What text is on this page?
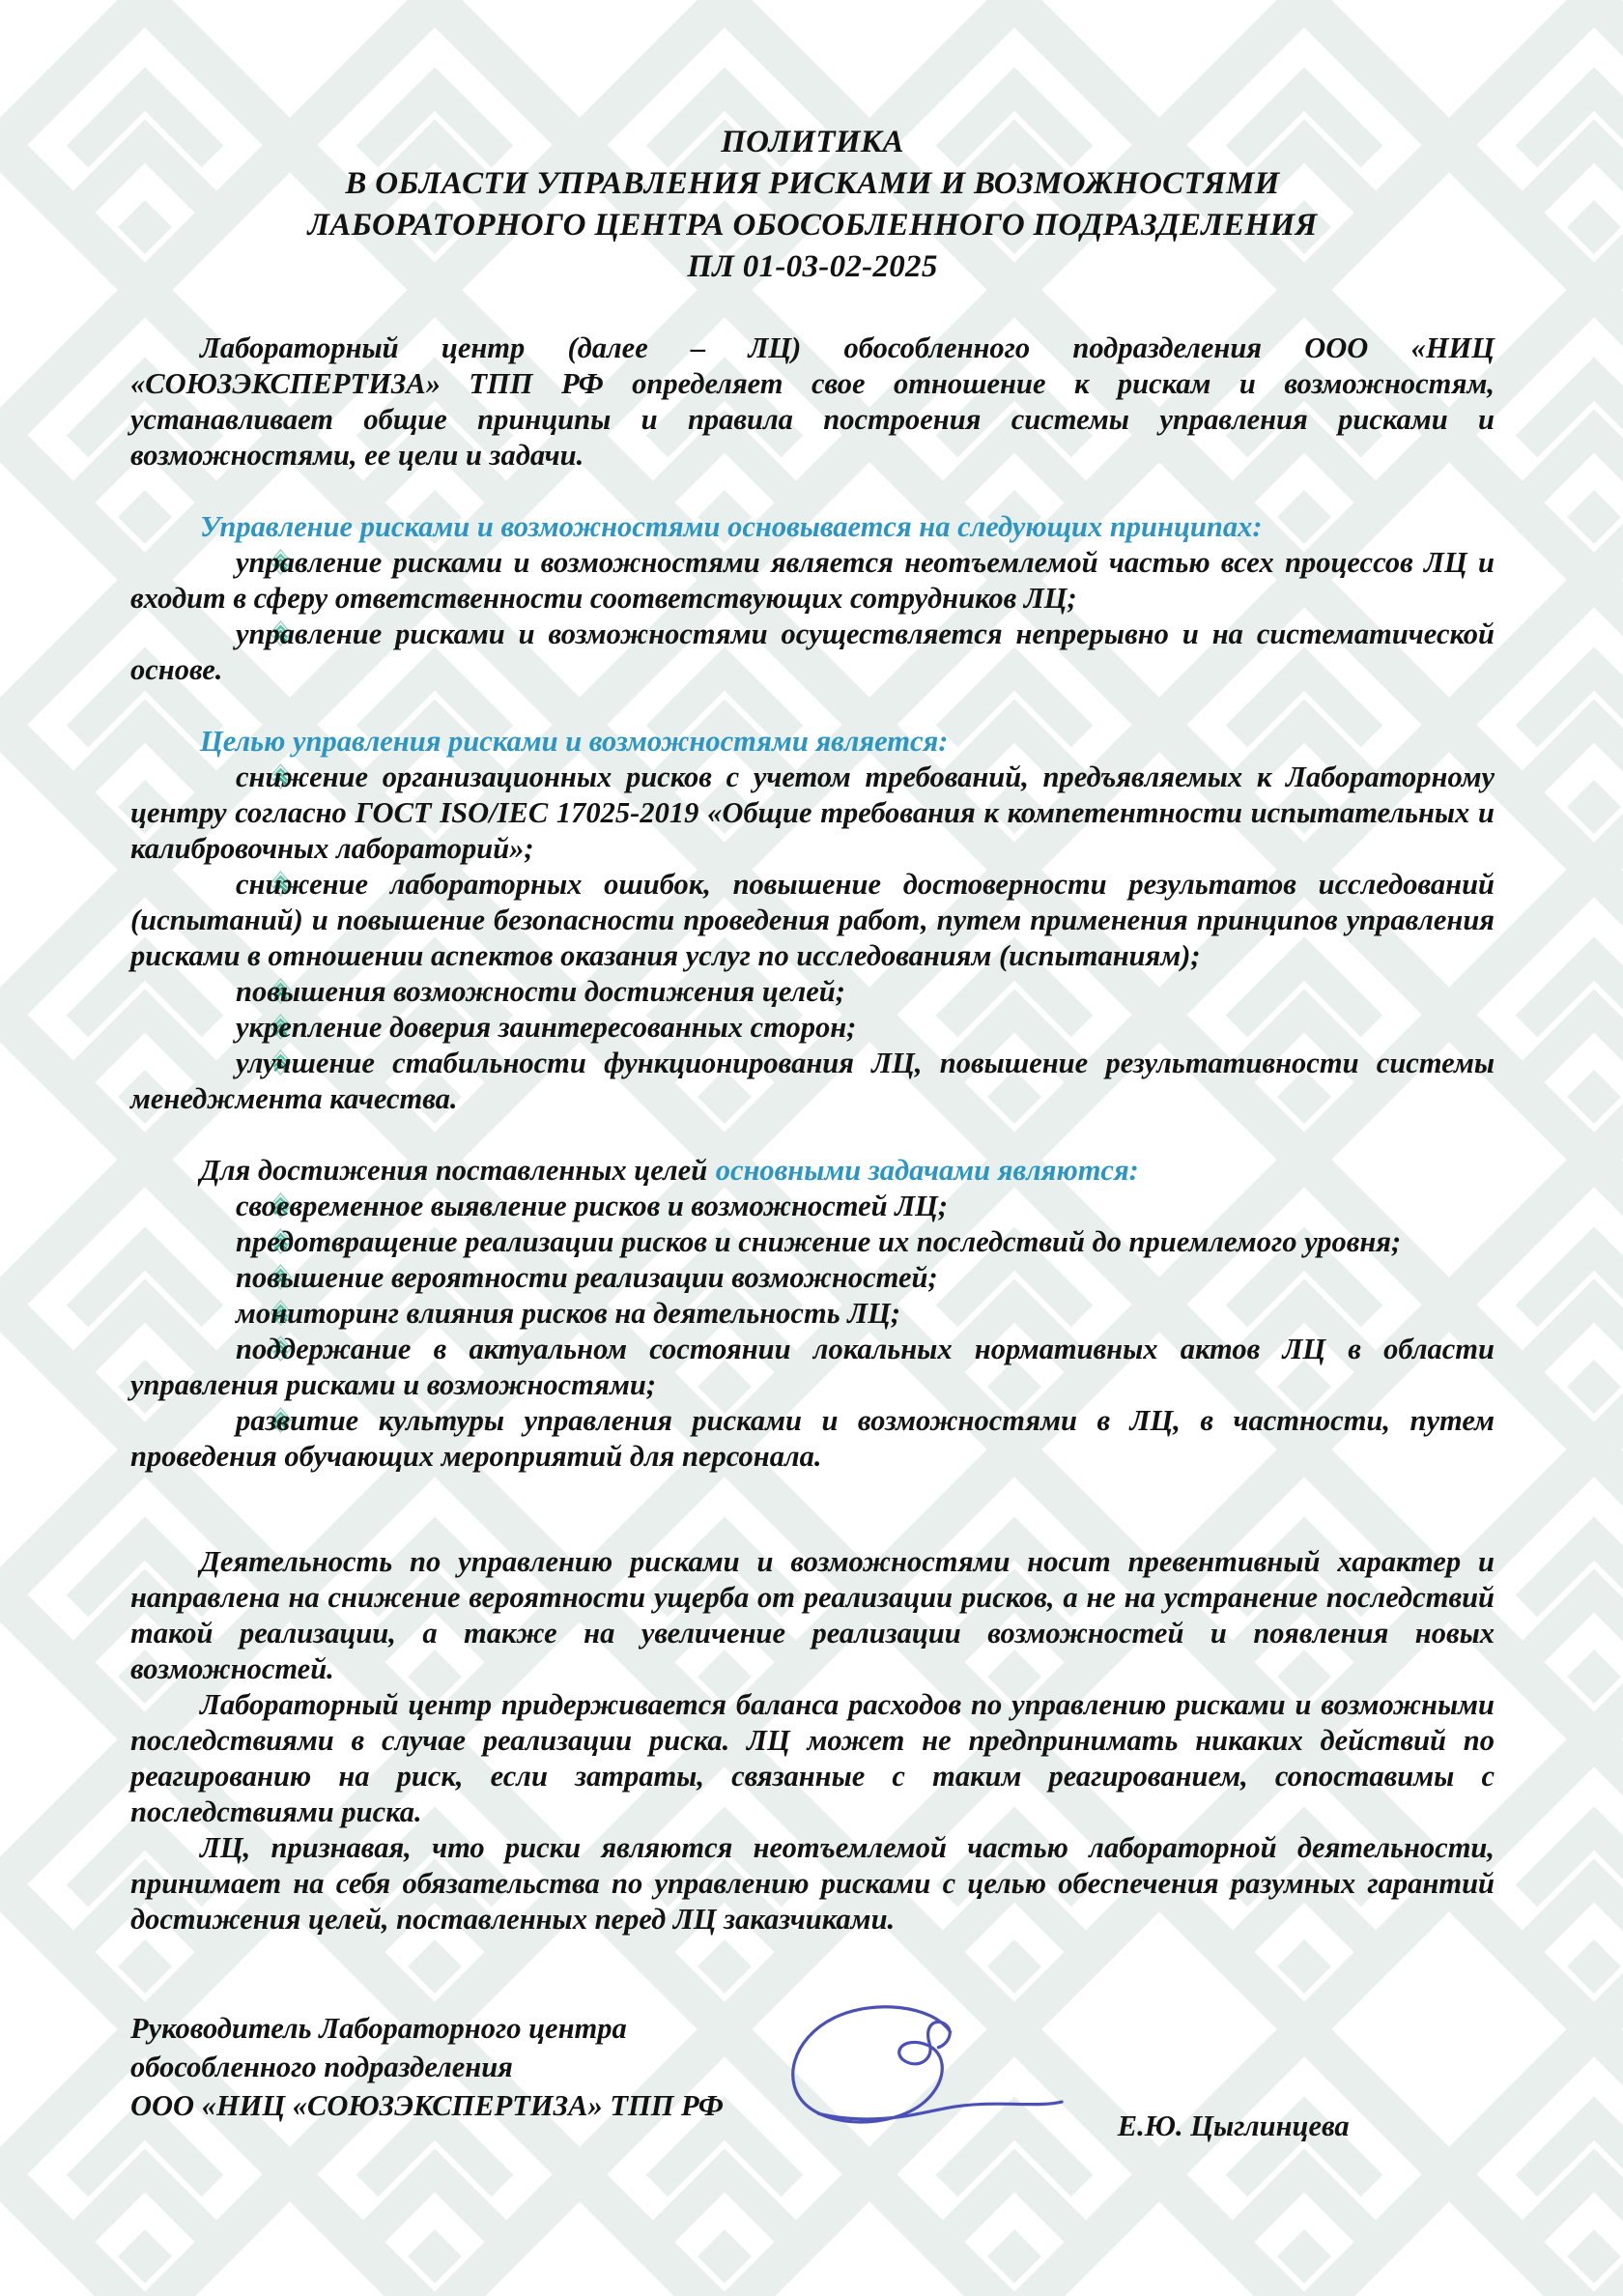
ПОЛИТИКА
В ОБЛАСТИ УПРАВЛЕНИЯ РИСКАМИ И ВОЗМОЖНОСТЯМИ
ЛАБОРАТОРНОГО ЦЕНТРА ОБОСОБЛЕННОГО ПОДРАЗДЕЛЕНИЯ
ПЛ 01-03-02-2025

Лабораторный центр (далее – ЛЦ) обособленного подразделения ООО «НИЦ «СОЮЗЭКСПЕРТИЗА» ТПП РФ определяет свое отношение к рискам и возможностям, устанавливает общие принципы и правила построения системы управления рисками и возможностями, ее цели и задачи.

Управление рисками и возможностями основывается на следующих принципах:

управление рисками и возможностями является неотъемлемой частью всех процессов ЛЦ и входит в сферу ответственности соответствующих сотрудников ЛЦ;

управление рисками и возможностями осуществляется непрерывно и на систематической основе.

Целью управления рисками и возможностями является:

снижение организационных рисков с учетом требований, предъявляемых к Лабораторному центру согласно ГОСТ ISO/IEC 17025-2019 «Общие требования к компетентности испытательных и калибровочных лабораторий»;

снижение лабораторных ошибок, повышение достоверности результатов исследований (испытаний) и повышение безопасности проведения работ, путем применения принципов управления рисками в отношении аспектов оказания услуг по исследованиям (испытаниям);

повышения возможности достижения целей;

укрепление доверия заинтересованных сторон;

улучшение стабильности функционирования ЛЦ, повышение результативности системы менеджмента качества.

Для достижения поставленных целей основными задачами являются:

своевременное выявление рисков и возможностей ЛЦ;

предотвращение реализации рисков и снижение их последствий до приемлемого уровня;

повышение вероятности реализации возможностей;

мониторинг влияния рисков на деятельность ЛЦ;

поддержание в актуальном состоянии локальных нормативных актов ЛЦ в области управления рисками и возможностями;

развитие культуры управления рисками и возможностями в ЛЦ, в частности, путем проведения обучающих мероприятий для персонала.

Деятельность по управлению рисками и возможностями носит превентивный характер и направлена на снижение вероятности ущерба от реализации рисков, а не на устранение последствий такой реализации, а также на увеличение реализации возможностей и появления новых возможностей.

Лабораторный центр придерживается баланса расходов по управлению рисками и возможными последствиями в случае реализации риска. ЛЦ может не предпринимать никаких действий по реагированию на риск, если затраты, связанные с таким реагированием, сопоставимы с последствиями риска.

ЛЦ, признавая, что риски являются неотъемлемой частью лабораторной деятельности, принимает на себя обязательства по управлению рисками с целью обеспечения разумных гарантий достижения целей, поставленных перед ЛЦ заказчиками.

Руководитель Лабораторного центра

обособленного подразделения

ООО «НИЦ «СОЮЗЭКСПЕРТИЗА» ТПП РФ

Е.Ю. Цыглинцева
